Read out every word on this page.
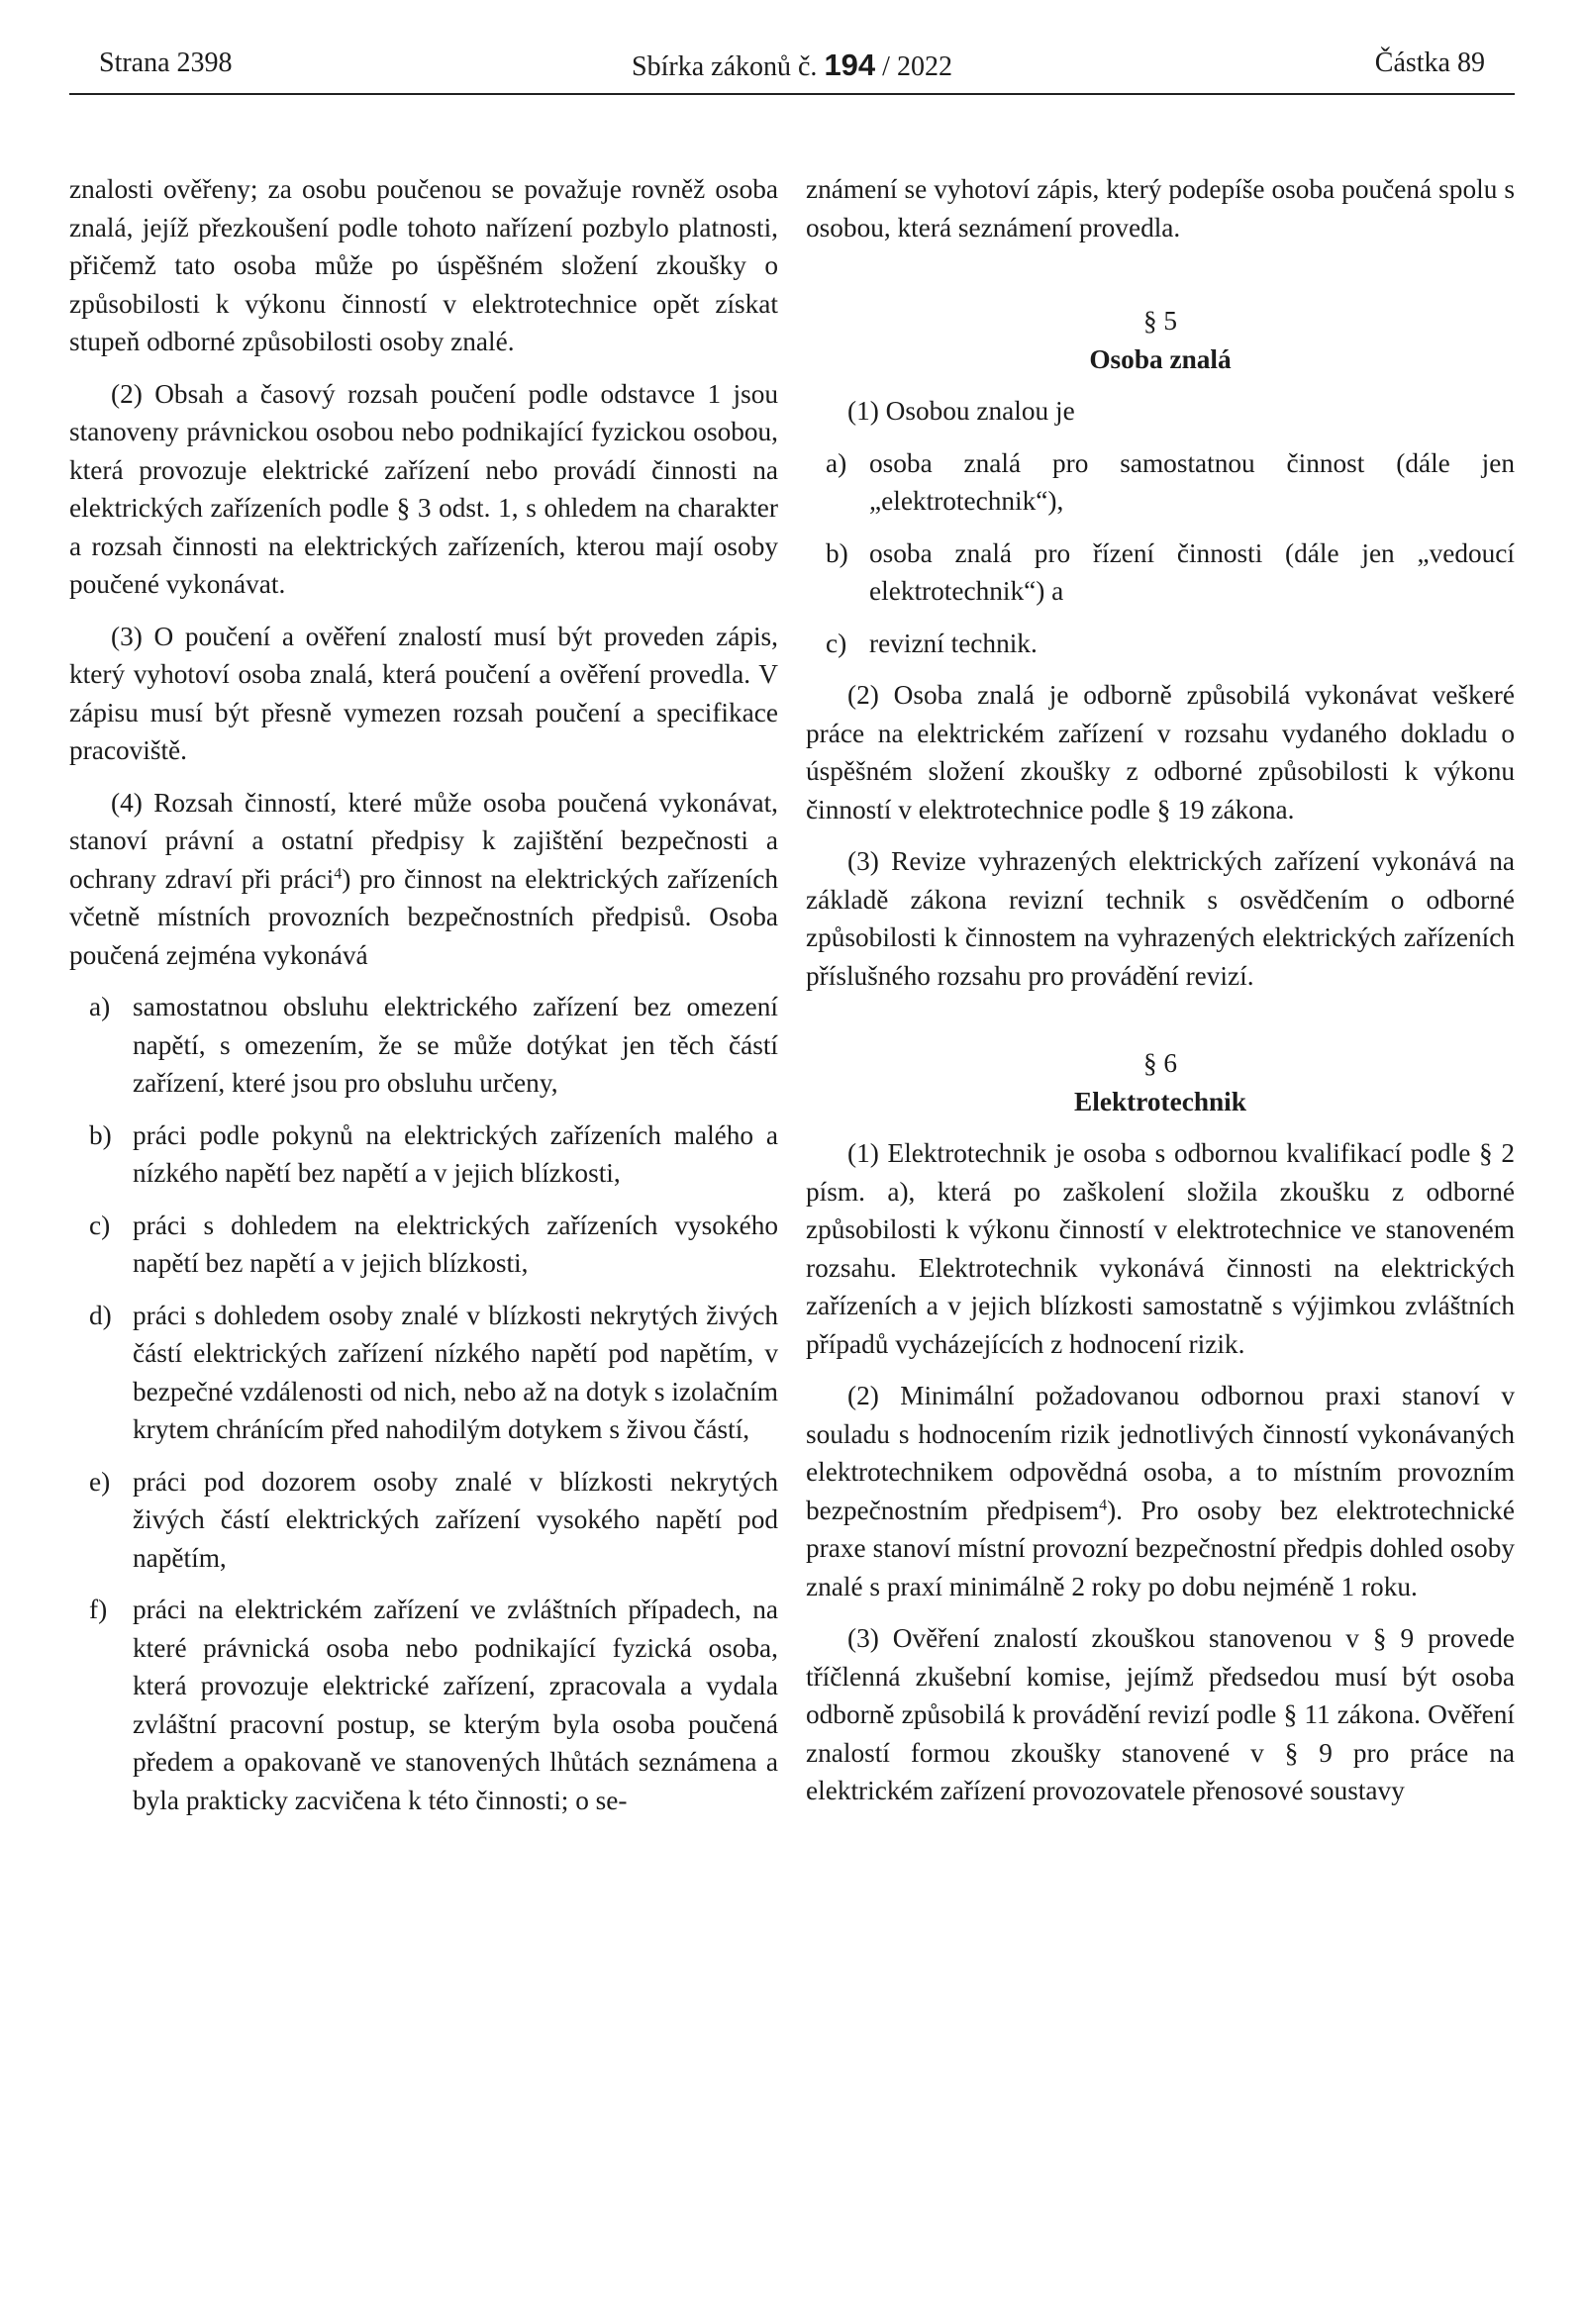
Strana 2398	Sbírka zákonů č. 194 / 2022	Částka 89

znalosti ověřeny; za osobu poučenou se považuje rovněž osoba znalá, jejíž přezkoušení podle tohoto nařízení pozbylo platnosti, přičemž tato osoba může po úspěšném složení zkoušky o způsobilosti k výkonu činností v elektrotechnice opět získat stupeň odborné způsobilosti osoby znalé.

(2) Obsah a časový rozsah poučení podle odstavce 1 jsou stanoveny právnickou osobou nebo podnikající fyzickou osobou, která provozuje elektrické zařízení nebo provádí činnosti na elektrických zařízeních podle § 3 odst. 1, s ohledem na charakter a rozsah činnosti na elektrických zařízeních, kterou mají osoby poučené vykonávat.

(3) O poučení a ověření znalostí musí být proveden zápis, který vyhotoví osoba znalá, která poučení a ověření provedla. V zápisu musí být přesně vymezen rozsah poučení a specifikace pracoviště.

(4) Rozsah činností, které může osoba poučená vykonávat, stanoví právní a ostatní předpisy k zajištění bezpečnosti a ochrany zdraví při práci$^4$) pro činnost na elektrických zařízeních včetně místních provozních bezpečnostních předpisů. Osoba poučená zejména vykonává

a) samostatnou obsluhu elektrického zařízení bez omezení napětí, s omezením, že se může dotýkat jen těch částí zařízení, které jsou pro obsluhu určeny,
b) práci podle pokynů na elektrických zařízeních malého a nízkého napětí bez napětí a v jejich blízkosti,
c) práci s dohledem na elektrických zařízeních vysokého napětí bez napětí a v jejich blízkosti,
d) práci s dohledem osoby znalé v blízkosti nekrytých živých částí elektrických zařízení nízkého napětí pod napětím, v bezpečné vzdálenosti od nich, nebo až na dotyk s izolačním krytem chránícím před nahodilým dotykem s živou částí,
e) práci pod dozorem osoby znalé v blízkosti nekrytých živých částí elektrických zařízení vysokého napětí pod napětím,
f) práci na elektrickém zařízení ve zvláštních případech, na které právnická osoba nebo podnikající fyzická osoba, která provozuje elektrické zařízení, zpracovala a vydala zvláštní pracovní postup, se kterým byla osoba poučená předem a opakovaně ve stanovených lhůtách seznámena a byla prakticky zacvičena k této činnosti; o se-

známení se vyhotoví zápis, který podepíše osoba poučená spolu s osobou, která seznámení provedla.

§ 5
Osoba znalá

(1) Osobou znalou je

a) osoba znalá pro samostatnou činnost (dále jen „elektrotechnik“),
b) osoba znalá pro řízení činnosti (dále jen „vedoucí elektrotechnik“) a
c) revizní technik.

(2) Osoba znalá je odborně způsobilá vykonávat veškeré práce na elektrickém zařízení v rozsahu vydaného dokladu o úspěšném složení zkoušky z odborné způsobilosti k výkonu činností v elektrotechnice podle § 19 zákona.

(3) Revize vyhrazených elektrických zařízení vykonává na základě zákona revizní technik s osvědčením o odborné způsobilosti k činnostem na vyhrazených elektrických zařízeních příslušného rozsahu pro provádění revizí.

§ 6
Elektrotechnik

(1) Elektrotechnik je osoba s odbornou kvalifikací podle § 2 písm. a), která po zaškolení složila zkoušku z odborné způsobilosti k výkonu činností v elektrotechnice ve stanoveném rozsahu. Elektrotechnik vykonává činnosti na elektrických zařízeních a v jejich blízkosti samostatně s výjimkou zvláštních případů vycházejících z hodnocení rizik.

(2) Minimální požadovanou odbornou praxi stanoví v souladu s hodnocením rizik jednotlivých činností vykonávaných elektrotechnikem odpovědná osoba, a to místním provozním bezpečnostním předpisem$^4$). Pro osoby bez elektrotechnické praxe stanoví místní provozní bezpečnostní předpis dohled osoby znalé s praxí minimálně 2 roky po dobu nejméně 1 roku.

(3) Ověření znalostí zkouškou stanovenou v § 9 provede tříčlenná zkušební komise, jejímž předsedou musí být osoba odborně způsobilá k provádění revizí podle § 11 zákona. Ověření znalostí formou zkoušky stanovené v § 9 pro práce na elektrickém zařízení provozovatele přenosové soustavy
